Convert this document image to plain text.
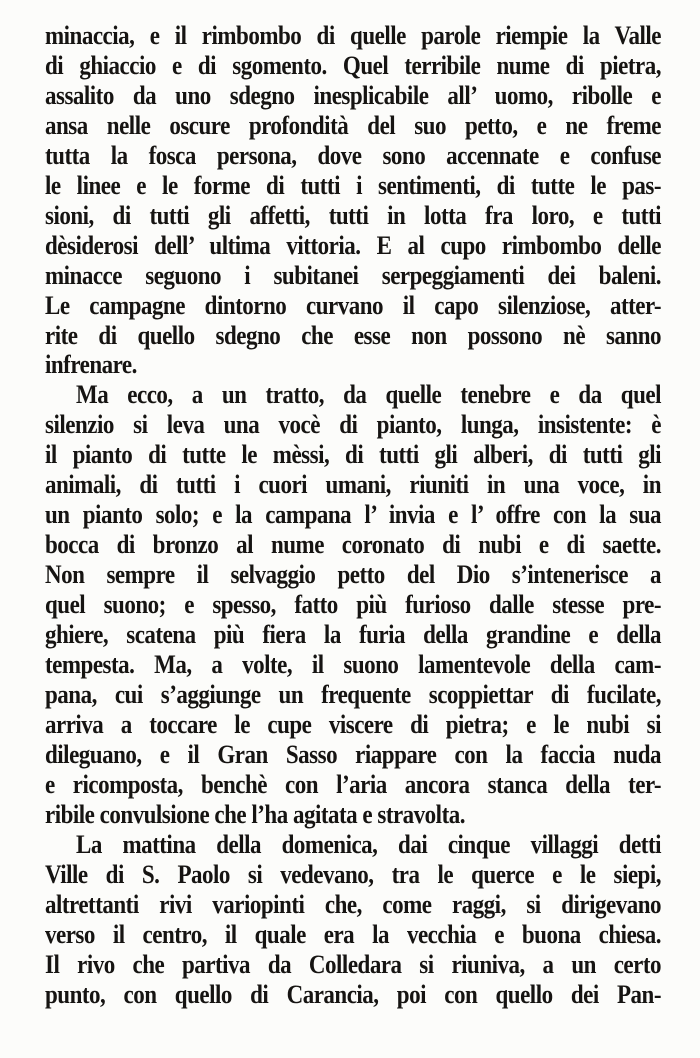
minaccia, e il rimbombo di quelle parole riempie la Valle
di ghiaccio e di sgomento. Quel terribile nume di pietra,
assalito da uno sdegno inesplicabile all’ uomo, ribolle e
ansa nelle oscure profondità del suo petto, e ne freme
tutta la fosca persona, dove sono accennate e confuse
le linee e le forme di tutti i sentimenti, di tutte le pas-
sioni, di tutti gli affetti, tutti in lotta fra loro, e tutti
dèsiderosi dell’ ultima vittoria. E al cupo rimbombo delle
minacce seguono i subitanei serpeggiamenti dei baleni.
Le campagne dintorno curvano il capo silenziose, atter-
rite di quello sdegno che esse non possono nè sanno
infrenare.
Ma ecco, a un tratto, da quelle tenebre e da quel
silenzio si leva una vocè di pianto, lunga, insistente: è
il pianto di tutte le mèssi, di tutti gli alberi, di tutti gli
animali, di tutti i cuori umani, riuniti in una voce, in
un pianto solo; e la campana l’ invia e l’ offre con la sua
bocca di bronzo al nume coronato di nubi e di saette.
Non sempre il selvaggio petto del Dio s’intenerisce a
quel suono; e spesso, fatto più furioso dalle stesse pre-
ghiere, scatena più fiera la furia della grandine e della
tempesta. Ma, a volte, il suono lamentevole della cam-
pana, cui s’aggiunge un frequente scoppiettar di fucilate,
arriva a toccare le cupe viscere di pietra; e le nubi si
dileguano, e il Gran Sasso riappare con la faccia nuda
e ricomposta, benchè con l’aria ancora stanca della ter-
ribile convulsione che l’ha agitata e stravolta.
La mattina della domenica, dai cinque villaggi detti
Ville di S. Paolo si vedevano, tra le querce e le siepi,
altrettanti rivi variopinti che, come raggi, si dirigevano
verso il centro, il quale era la vecchia e buona chiesa.
Il rivo che partiva da Colledara si riuniva, a un certo
punto, con quello di Carancia, poi con quello dei Pan-
